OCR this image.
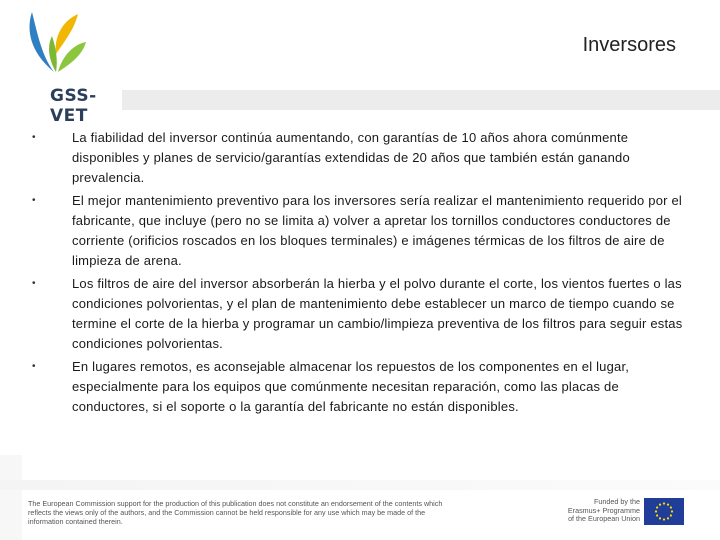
GSS-VET
Inversores
•	La fiabilidad del inversor continúa aumentando, con garantías de 10 años ahora comúnmente disponibles y planes de servicio/garantías extendidas de 20 años que también están ganando prevalencia.
•	El mejor mantenimiento preventivo para los inversores sería realizar el mantenimiento requerido por el fabricante, que incluye (pero no se limita a) volver a apretar los tornillos conductores conductores de corriente (orificios roscados en los bloques terminales) e imágenes térmicas de los filtros de aire de limpieza de arena.
•	Los filtros de aire del inversor absorberán la hierba y el polvo durante el corte, los vientos fuertes o las condiciones polvorientas, y el plan de mantenimiento debe establecer un marco de tiempo cuando se termine el corte de la hierba y programar un cambio/limpieza preventiva de los filtros para seguir estas condiciones polvorientas.
•	En lugares remotos, es aconsejable almacenar los repuestos de los componentes en el lugar, especialmente para los equipos que comúnmente necesitan reparación, como las placas de conductores, si el soporte o la garantía del fabricante no están disponibles.
The European Commission support for the production of this publication does not constitute an endorsement of the contents which reflects the views only of the authors, and the Commission cannot be held responsible for any use which may be made of the information contained therein.
Funded by the Erasmus+ Programme of the European Union
